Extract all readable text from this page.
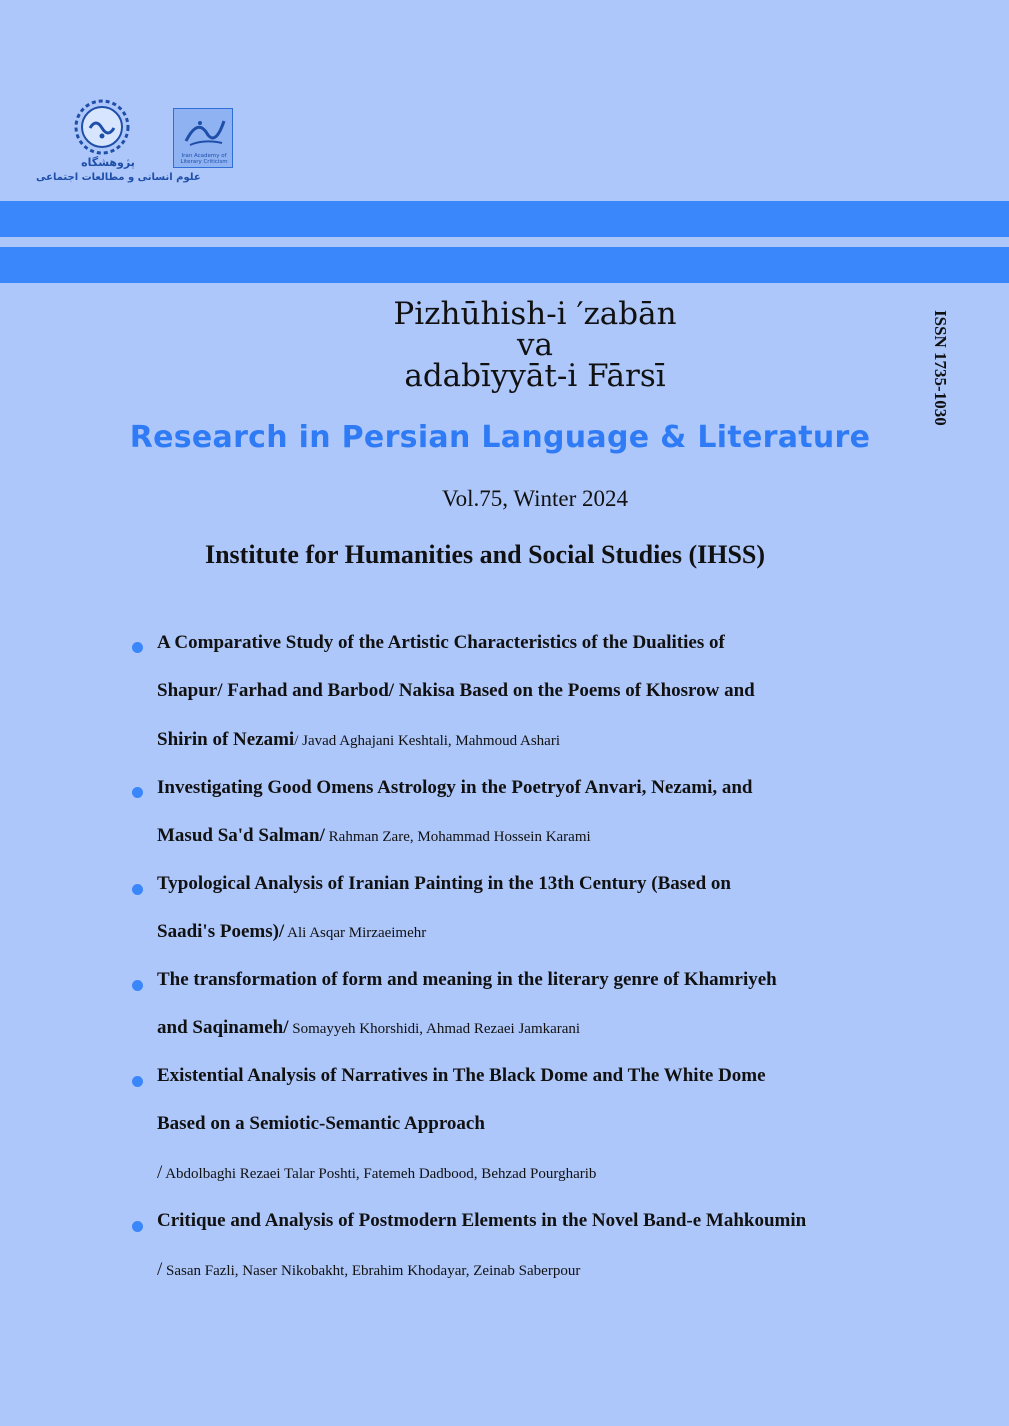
پژوهشگاه
علوم انسانی و مطالعات اجتماعی
Iran Academy of Literary Criticism
Pizhūhish-i ′zabān
va
adabīyyāt-i Fārsī
Research in Persian Language & Literature
Vol.75, Winter 2024
Institute for Humanities and Social Studies (IHSS)
ISSN 1735-1030
A Comparative Study of the Artistic Characteristics of the Dualities of
Shapur/ Farhad and Barbod/ Nakisa Based on the Poems of Khosrow and
Shirin of Nezami/ Javad Aghajani Keshtali, Mahmoud Ashari
Investigating Good Omens Astrology in the Poetryof Anvari, Nezami, and
Masud Sa'd Salman/ Rahman Zare, Mohammad Hossein Karami
Typological Analysis of Iranian Painting in the 13th Century (Based on
Saadi's Poems)/ Ali Asqar Mirzaeimehr
The transformation of form and meaning in the literary genre of Khamriyeh
and Saqinameh/ Somayyeh Khorshidi, Ahmad Rezaei Jamkarani
Existential Analysis of Narratives in The Black Dome and The White Dome
Based on a Semiotic-Semantic Approach
/ Abdolbaghi Rezaei Talar Poshti, Fatemeh Dadbood, Behzad Pourgharib
Critique and Analysis of Postmodern Elements in the Novel Band-e Mahkoumin
/ Sasan Fazli, Naser Nikobakht, Ebrahim Khodayar, Zeinab Saberpour
